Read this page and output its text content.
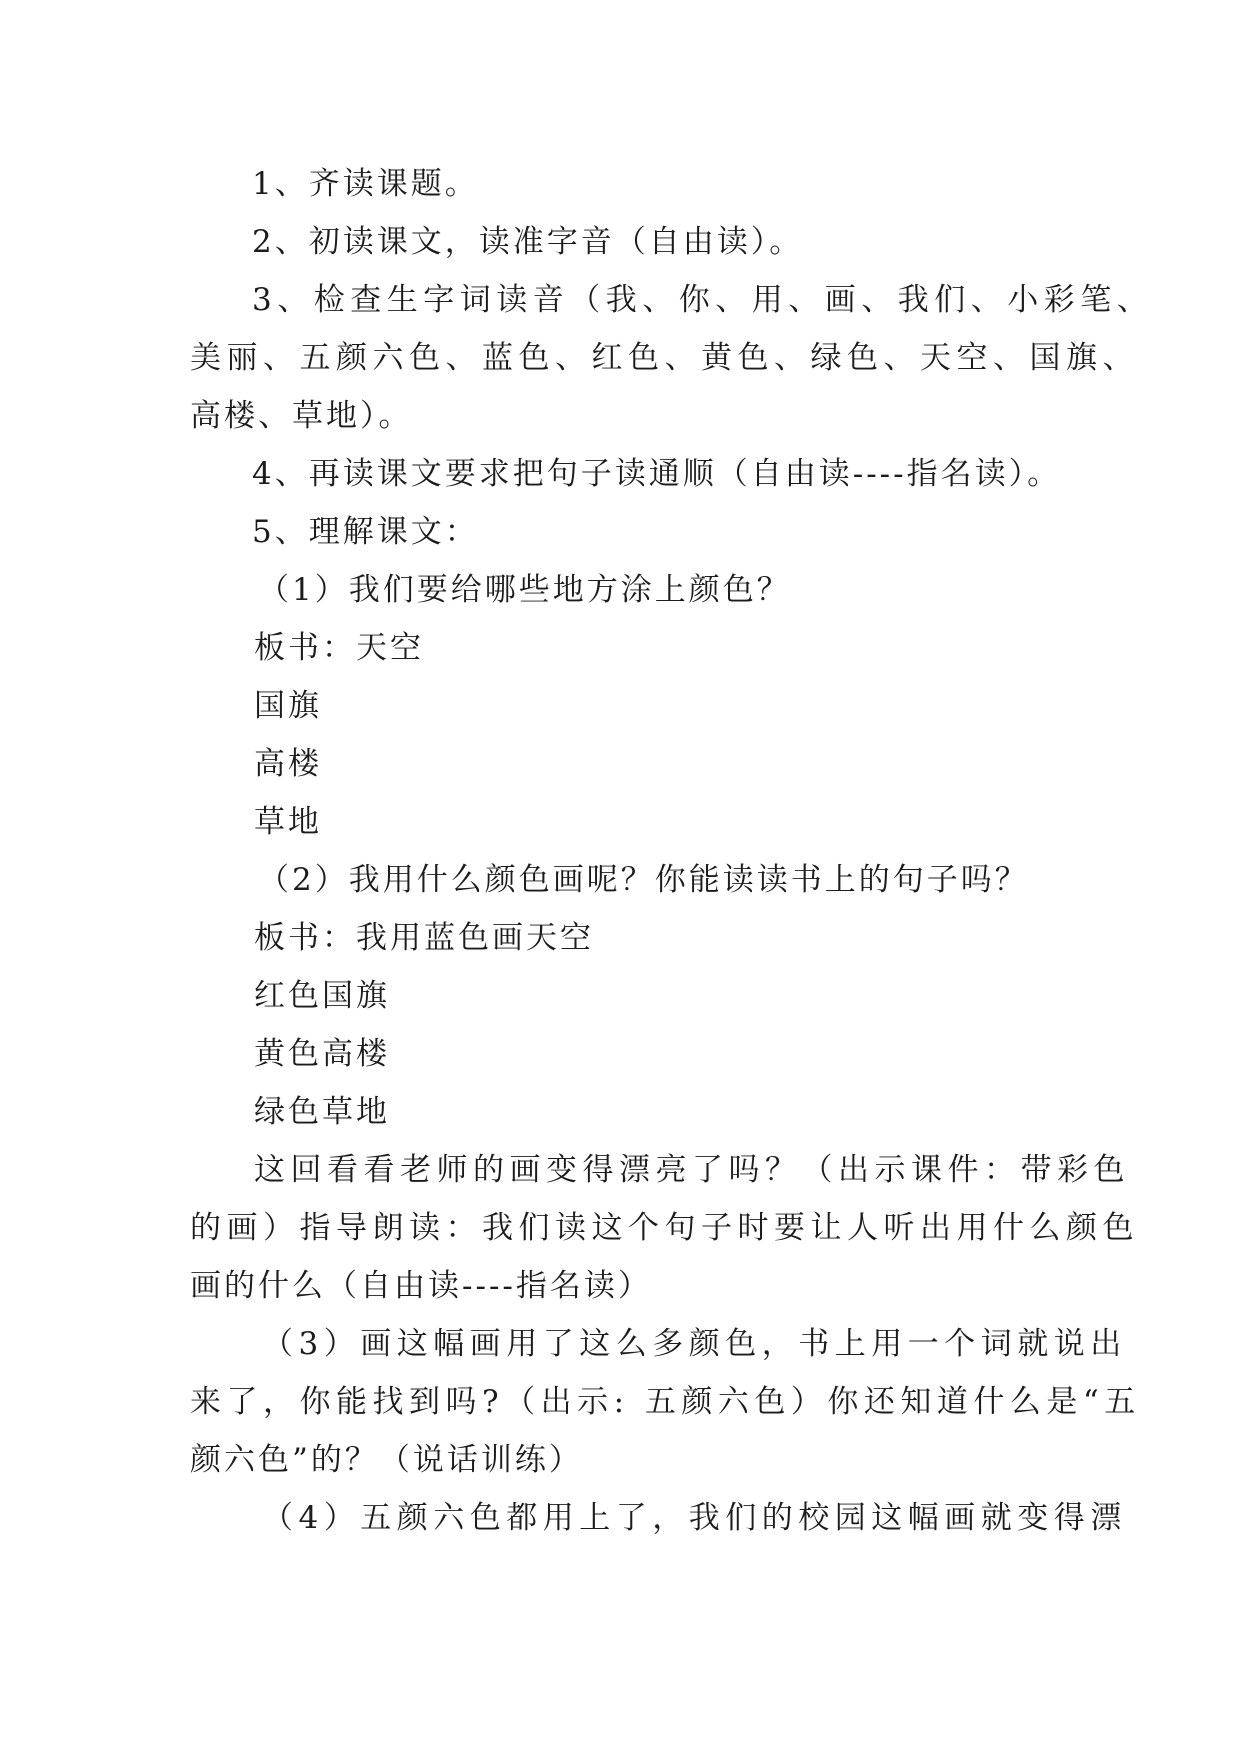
1、齐读课题。
2、初读课文，读准字音（自由读）。
3、检查生字词读音（我、你、用、画、我们、小彩笔、
美丽、五颜六色、蓝色、红色、黄色、绿色、天空、国旗、
高楼、草地）。
4、再读课文要求把句子读通顺（自由读----指名读）。
5、理解课文：
（1）我们要给哪些地方涂上颜色？
板书：天空
国旗
高楼
草地
（2）我用什么颜色画呢？你能读读书上的句子吗？
板书：我用蓝色画天空
红色国旗
黄色高楼
绿色草地
这回看看老师的画变得漂亮了吗？（出示课件：带彩色
的画）指导朗读：我们读这个句子时要让人听出用什么颜色
画的什么（自由读----指名读）
（3）画这幅画用了这么多颜色，书上用一个词就说出
来了，你能找到吗?（出示: 五颜六色）你还知道什么是“五
颜六色”的？（说话训练）
（4）五颜六色都用上了，我们的校园这幅画就变得漂
